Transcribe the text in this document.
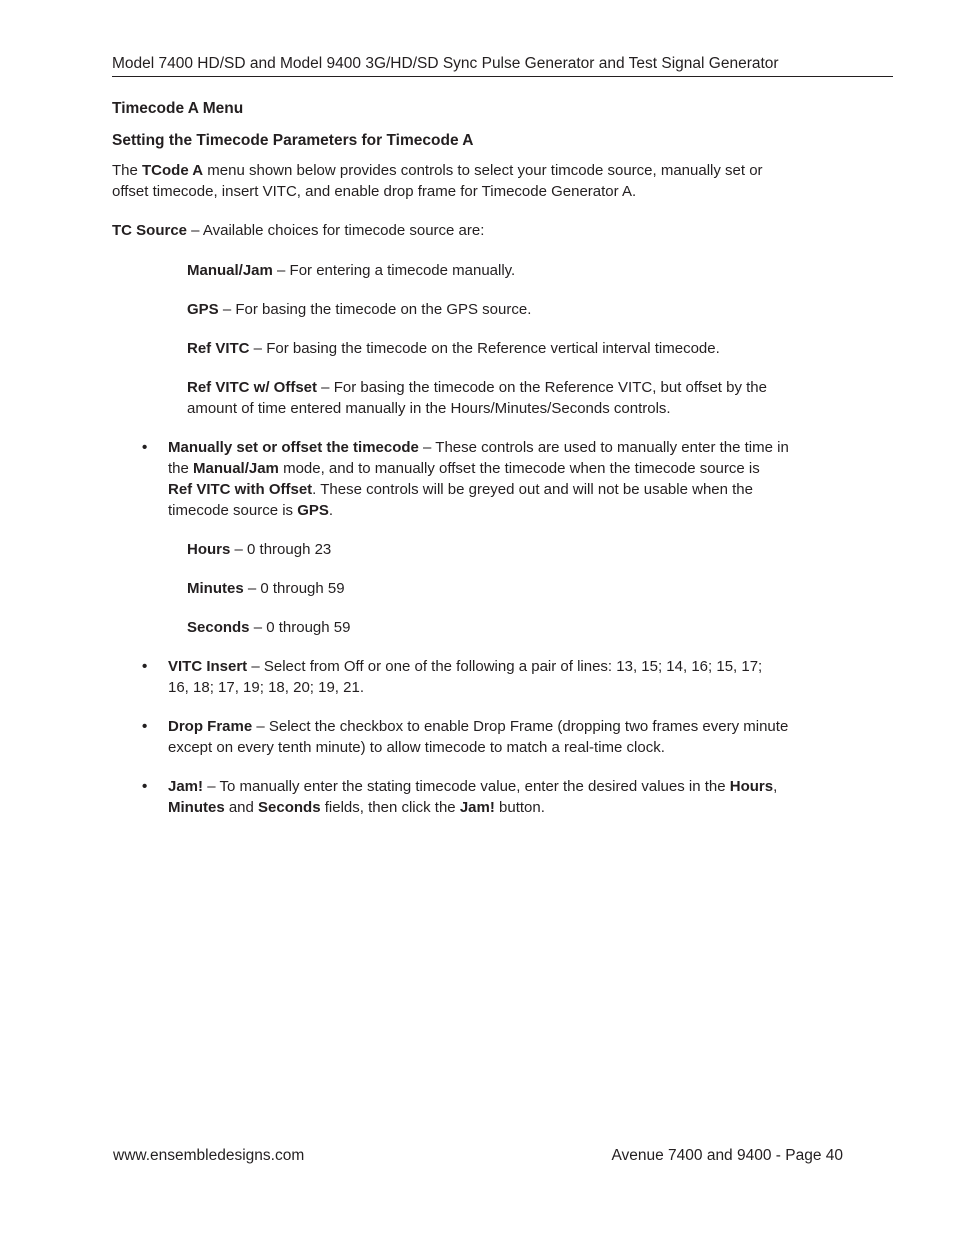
Model 7400 HD/SD and Model 9400 3G/HD/SD Sync Pulse Generator and Test Signal Generator
Timecode A Menu
Setting the Timecode Parameters for Timecode A

The TCode A menu shown below provides controls to select your timcode source, manually set or
offset timecode, insert VITC, and enable drop frame for Timecode Generator A.

TC Source – Available choices for timecode source are:

Manual/Jam – For entering a timecode manually.

GPS – For basing the timecode on the GPS source.

Ref VITC – For basing the timecode on the Reference vertical interval timecode.

Ref VITC w/ Offset – For basing the timecode on the Reference VITC, but offset by the
amount of time entered manually in the Hours/Minutes/Seconds controls.

• Manually set or offset the timecode – These controls are used to manually enter the time in
the Manual/Jam mode, and to manually offset the timecode when the timecode source is
Ref VITC with Offset. These controls will be greyed out and will not be usable when the
timecode source is GPS.

Hours – 0 through 23

Minutes – 0 through 59

Seconds – 0 through 59

• VITC Insert – Select from Off or one of the following a pair of lines: 13, 15; 14, 16; 15, 17;
16, 18; 17, 19; 18, 20; 19, 21.
• Drop Frame – Select the checkbox to enable Drop Frame (dropping two frames every minute
except on every tenth minute) to allow timecode to match a real-time clock.
• Jam! – To manually enter the stating timecode value, enter the desired values in the Hours,
Minutes and Seconds fields, then click the Jam! button.
www.ensembledesigns.com	Avenue 7400 and 9400 - Page 40
